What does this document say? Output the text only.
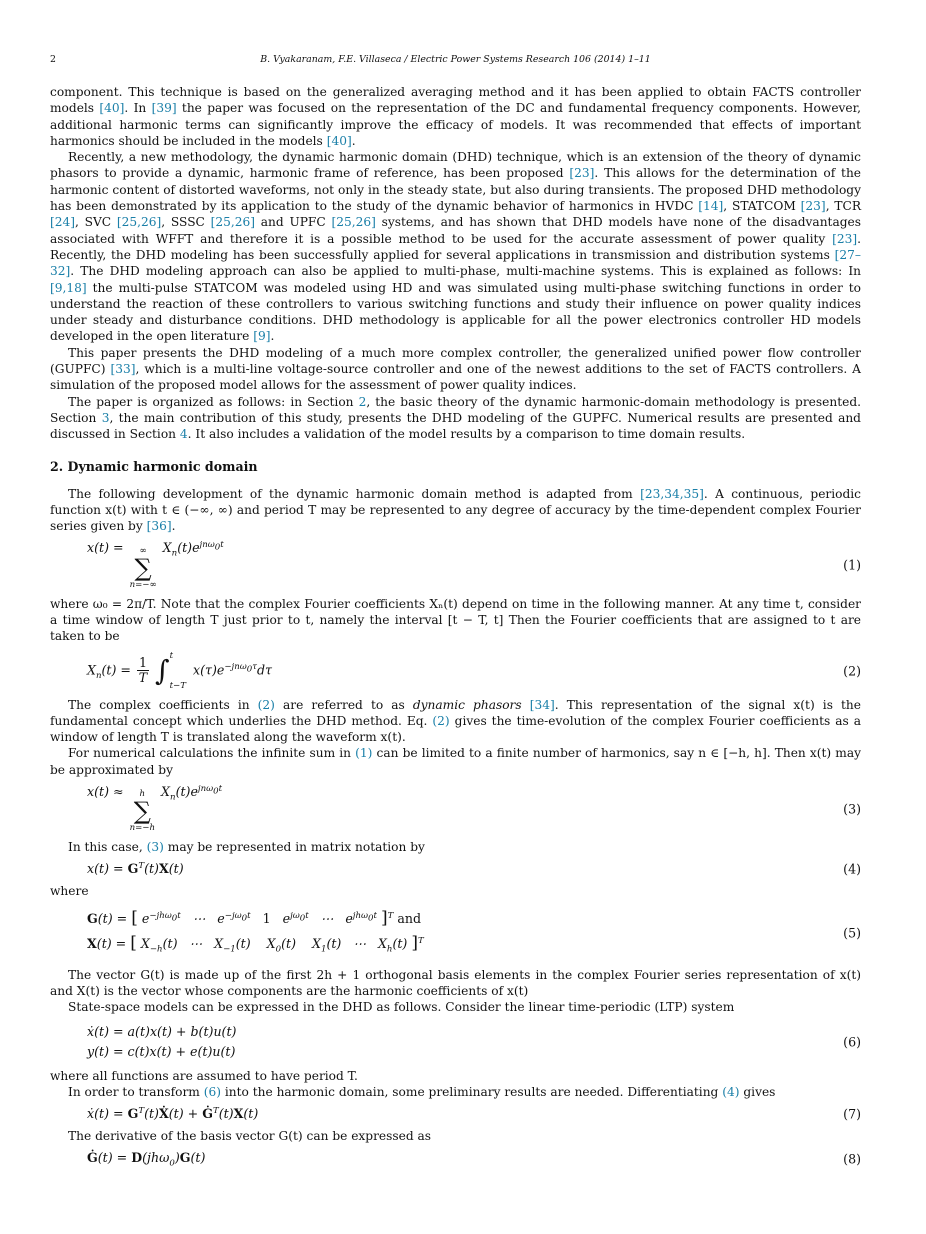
2	B. Vyakaranam, F.E. Villaseca / Electric Power Systems Research 106 (2014) 1–11

component. This technique is based on the generalized averaging method and it has been applied to obtain FACTS controller models [40]. In [39] the paper was focused on the representation of the DC and fundamental frequency components. However, additional harmonic terms can significantly improve the efficacy of models. It was recommended that effects of important harmonics should be included in the models [40].

Recently, a new methodology, the dynamic harmonic domain (DHD) technique, which is an extension of the theory of dynamic phasors to provide a dynamic, harmonic frame of reference, has been proposed [23]. This allows for the determination of the harmonic content of distorted waveforms, not only in the steady state, but also during transients. The proposed DHD methodology has been demonstrated by its application to the study of the dynamic behavior of harmonics in HVDC [14], STATCOM [23], TCR [24], SVC [25,26], SSSC [25,26] and UPFC [25,26] systems, and has shown that DHD models have none of the disadvantages associated with WFFT and therefore it is a possible method to be used for the accurate assessment of power quality [23]. Recently, the DHD modeling has been successfully applied for several applications in transmission and distribution systems [27–32]. The DHD modeling approach can also be applied to multi-phase, multi-machine systems. This is explained as follows: In [9,18] the multi-pulse STATCOM was modeled using HD and was simulated using multi-phase switching functions in order to understand the reaction of these controllers to various switching functions and study their influence on power quality indices under steady and disturbance conditions. DHD methodology is applicable for all the power electronics controller HD models developed in the open literature [9].

This paper presents the DHD modeling of a much more complex controller, the generalized unified power flow controller (GUPFC) [33], which is a multi-line voltage-source controller and one of the newest additions to the set of FACTS controllers. A simulation of the proposed model allows for the assessment of power quality indices.

The paper is organized as follows: in Section 2, the basic theory of the dynamic harmonic-domain methodology is presented. Section 3, the main contribution of this study, presents the DHD modeling of the GUPFC. Numerical results are presented and discussed in Section 4. It also includes a validation of the model results by a comparison to time domain results.

2. Dynamic harmonic domain

The following development of the dynamic harmonic domain method is adapted from [23,34,35]. A continuous, periodic function x(t) with t ∈ (−∞, ∞) and period T may be represented to any degree of accuracy by the time-dependent complex Fourier series given by [36].

x(t) = ∞
∑
n=−∞
$X_n(t)e^{jn\omega_0t}$
(1)

where ω₀ = 2π/T. Note that the complex Fourier coefficients Xₙ(t) depend on time in the following manner. At any time t, consider a time window of length T just prior to t, namely the interval [t − T, t] Then the Fourier coefficients that are assigned to t are taken to be

$X_n(t) = \frac{1}{T}$
∫ t
t−T
$x(\tau)e^{-jn\omega_0\tau}d\tau$	(2)

The complex coefficients in (2) are referred to as dynamic phasors [34]. This representation of the signal x(t) is the fundamental concept which underlies the DHD method. Eq. (2) gives the time-evolution of the complex Fourier coefficients as a window of length T is translated along the waveform x(t).

For numerical calculations the infinite sum in (1) can be limited to a finite number of harmonics, say n ∈ [−h, h]. Then x(t) may be approximated by

x(t) ≈ h
∑
n=−h
$X_n(t)e^{jn\omega_0t}$
(3)

In this case, (3) may be represented in matrix notation by

$x(t) = G^T(t)X(t)$	(4)

where

G(t) = [ $e^{-jh\omega_0t}$   ⋯   $e^{-j\omega_0t}$ 1   $e^{j\omega_0t}$   ⋯   $e^{jh\omega_0t}$ ]$^T$ and
X(t) = [ $X_{-h}(t)$   ⋯   $X_{-1}(t)$    $X_0(t)$    $X_1(t)$   ⋯   $X_h(t)$ ]$^T$
(5)

The vector G(t) is made up of the first 2h + 1 orthogonal basis elements in the complex Fourier series representation of x(t) and X(t) is the vector whose components are the harmonic coefficients of x(t)

State-space models can be expressed in the DHD as follows. Consider the linear time-periodic (LTP) system

ẋ(t) = a(t)x(t) + b(t)u(t)
y(t) = c(t)x(t) + e(t)u(t)
(6)

where all functions are assumed to have period T.

In order to transform (6) into the harmonic domain, some preliminary results are needed. Differentiating (4) gives

ẋ(t) = $G^T(t)Ẋ(t)$ + $Ġ^T(t)X(t)$	(7)

The derivative of the basis vector G(t) can be expressed as

Ġ(t) = D(jhω$_0$)G(t)	(8)
